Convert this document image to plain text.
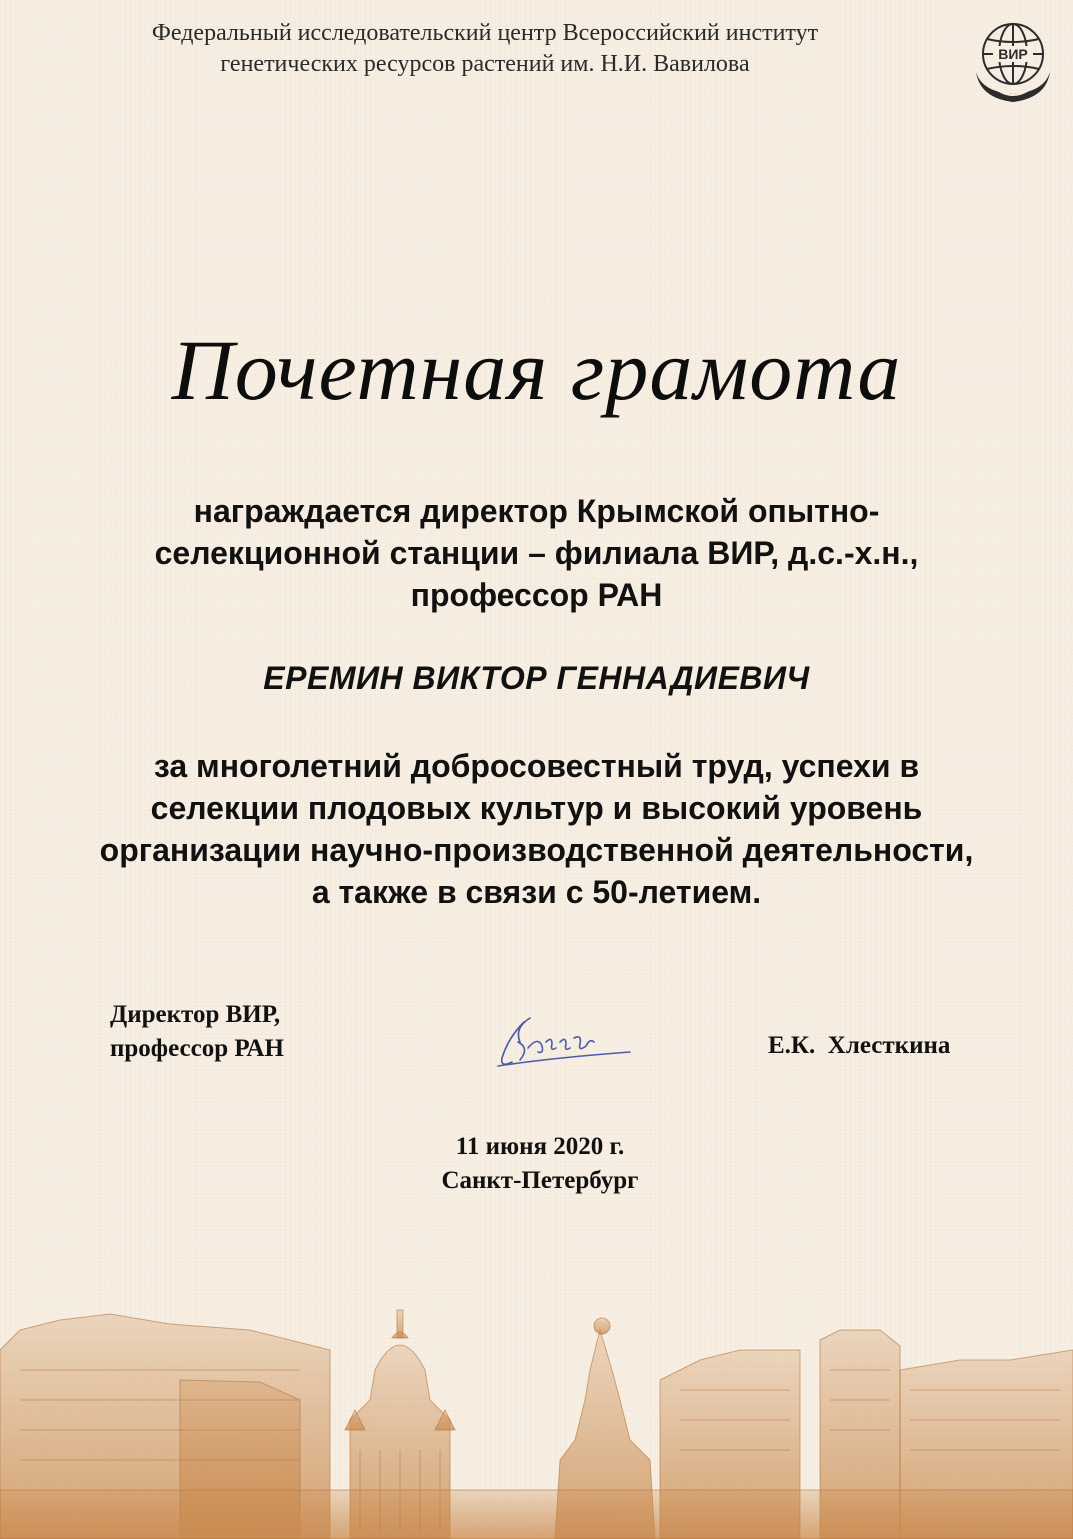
Федеральный исследовательский центр Всероссийский институт
генетических ресурсов растений им. Н.И. Вавилова	ВИР
Почетная грамота
награждается директор Крымской опытно-
селекционной станции – филиала ВИР, д.с.-х.н.,
профессор РАН
ЕРЕМИН ВИКТОР ГЕННАДИЕВИЧ
за многолетний добросовестный труд, успехи в
селекции плодовых культур и высокий уровень
организации научно-производственной деятельности,
а также в связи с 50-летием.
Директор ВИР,
профессор РАН	Е.К.  Хлесткина
11 июня 2020 г.
Санкт-Петербург
